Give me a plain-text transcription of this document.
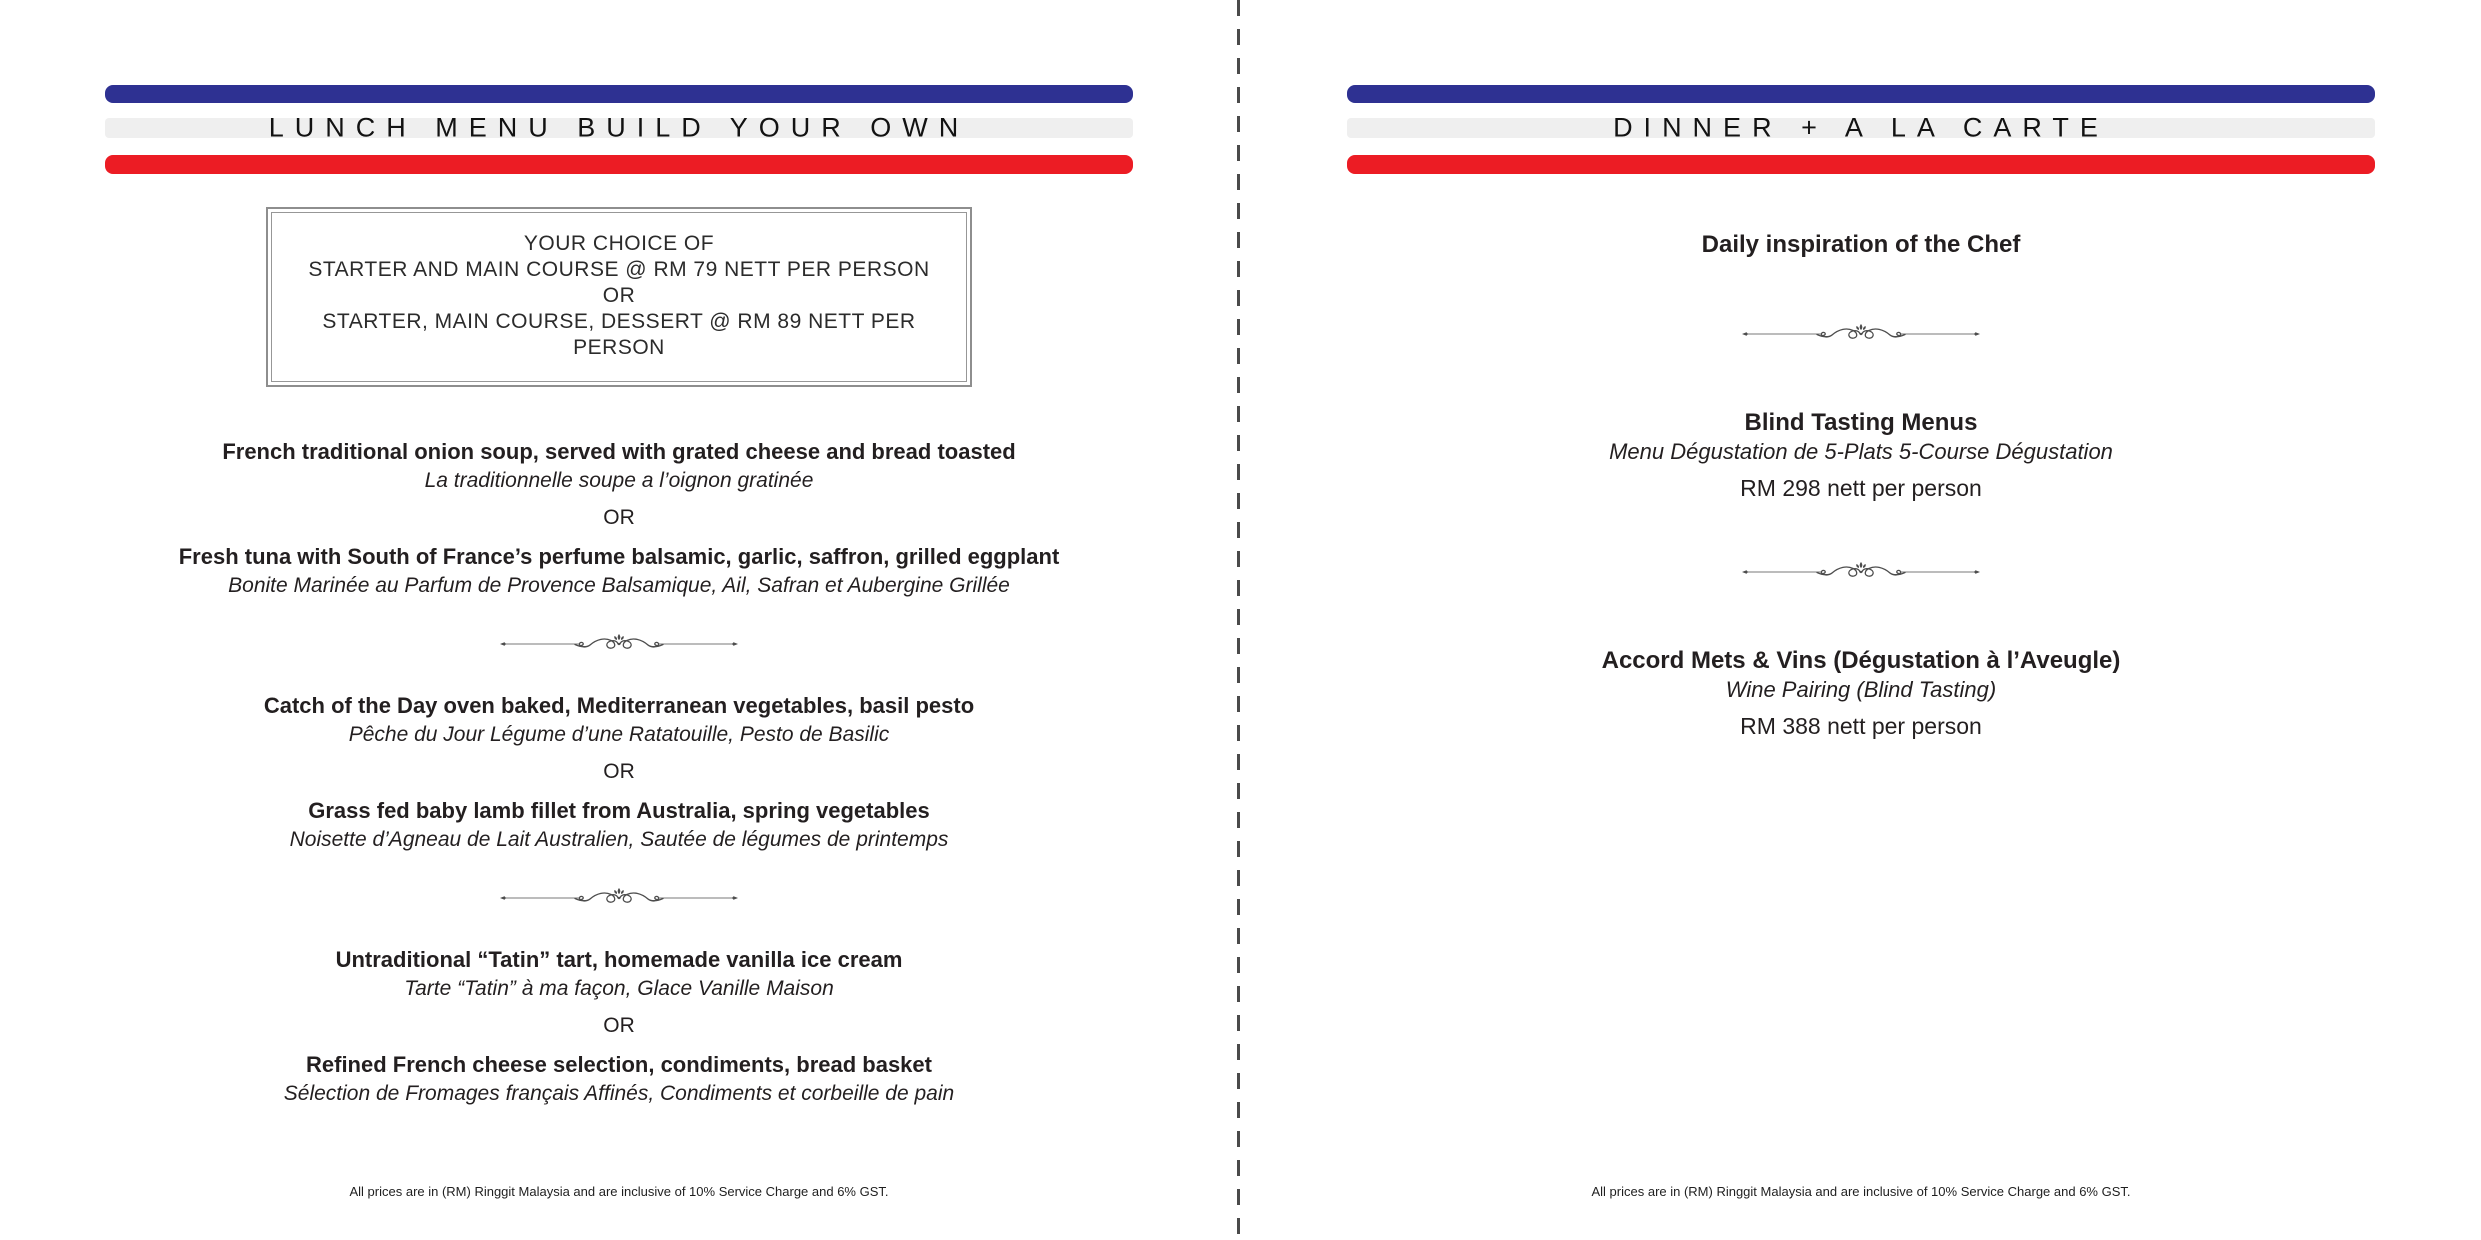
LUNCH MENU BUILD YOUR OWN

YOUR CHOICE OF

STARTER AND MAIN COURSE @ RM 79 NETT PER PERSON

OR

STARTER, MAIN COURSE, DESSERT @ RM 89 NETT PER PERSON

French traditional onion soup, served with grated cheese and bread toasted

La traditionnelle soupe a l’oignon gratinée

OR

Fresh tuna with South of France’s perfume balsamic, garlic, saffron, grilled eggplant

Bonite Marinée au Parfum de Provence Balsamique, Ail, Safran et Aubergine Grillée

Catch of the Day oven baked, Mediterranean vegetables, basil pesto

Pêche du Jour Légume d’une Ratatouille, Pesto de Basilic

OR

Grass fed baby lamb fillet from Australia, spring vegetables

Noisette d’Agneau de Lait Australien, Sautée de légumes de printemps

Untraditional “Tatin” tart, homemade vanilla ice cream

Tarte “Tatin” à ma façon, Glace Vanille Maison

OR

Refined French cheese selection, condiments, bread basket

Sélection de Fromages français Affinés, Condiments et corbeille de pain

All prices are in (RM) Ringgit Malaysia and are inclusive of 10% Service Charge and 6% GST.

DINNER + A LA CARTE

Daily inspiration of the Chef

Blind Tasting Menus

Menu Dégustation de 5-Plats 5-Course Dégustation

RM 298 nett per person

Accord Mets & Vins (Dégustation à l’Aveugle)

Wine Pairing (Blind Tasting)

RM 388 nett per person

All prices are in (RM) Ringgit Malaysia and are inclusive of 10% Service Charge and 6% GST.
